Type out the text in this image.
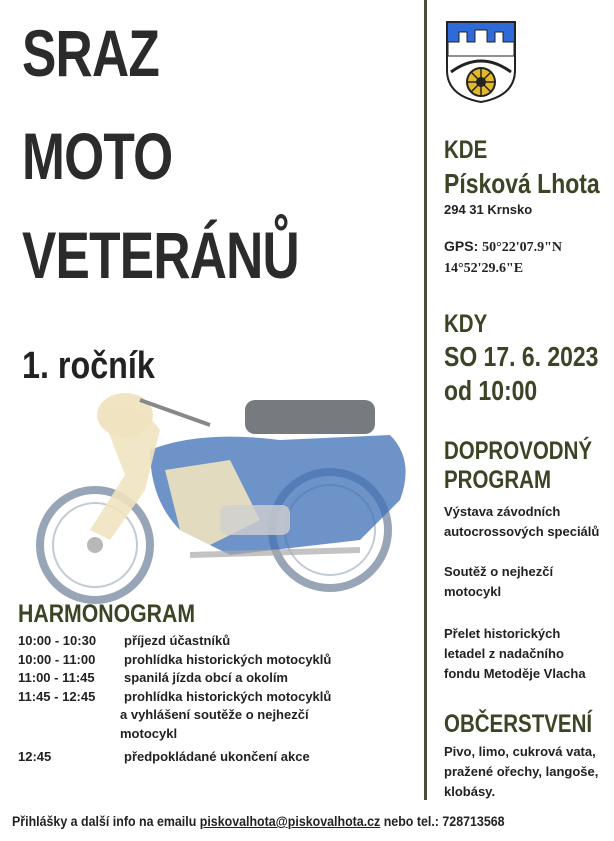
SRAZ
MOTO
VETERÁNŮ
1. ročník
KDE
Písková Lhota
294 31 Krnsko
GPS: 50°22'07.9"N
14°52'29.6"E
KDY
SO 17. 6. 2023
od 10:00
DOPROVODNÝ
PROGRAM
Výstava závodních
autocrossových speciálů
Soutěž o nejhezčí
motocykl
Přelet historických
letadel z nadačního
fondu Metoděje Vlacha
OBČERSTVENÍ
Pivo, limo, cukrová vata,
pražené ořechy, langoše,
klobásy.
HARMONOGRAM
10:00 - 10:30	příjezd účastníků
10:00 - 11:00	prohlídka historických motocyklů
11:00 - 11:45	spanilá jízda obcí a okolím
11:45 - 12:45	prohlídka historických motocyklů
a vyhlášení soutěže o nejhezčí
motocykl
12:45	předpokládané ukončení akce
Přihlášky a další info na emailu piskovalhota@piskovalhota.cz nebo tel.: 728713568
